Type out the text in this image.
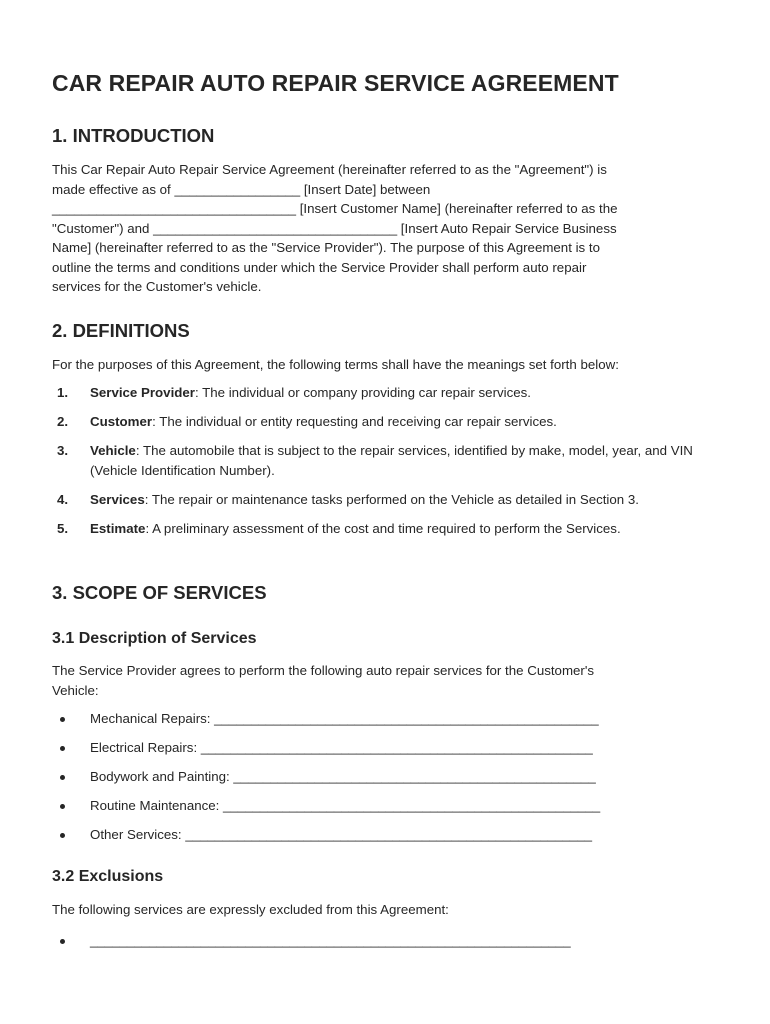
CAR REPAIR AUTO REPAIR SERVICE AGREEMENT
1. INTRODUCTION

This Car Repair Auto Repair Service Agreement (hereinafter referred to as the "Agreement") is
made effective as of _________________ [Insert Date] between
_________________________________ [Insert Customer Name] (hereinafter referred to as the
"Customer") and _________________________________ [Insert Auto Repair Service Business
Name] (hereinafter referred to as the "Service Provider"). The purpose of this Agreement is to
outline the terms and conditions under which the Service Provider shall perform auto repair
services for the Customer's vehicle.

2. DEFINITIONS

For the purposes of this Agreement, the following terms shall have the meanings set forth below:

1. Service Provider: The individual or company providing car repair services.
2. Customer: The individual or entity requesting and receiving car repair services.
3. Vehicle: The automobile that is subject to the repair services, identified by make, model, year, and VIN (Vehicle Identification Number).
4. Services: The repair or maintenance tasks performed on the Vehicle as detailed in Section 3.
5. Estimate: A preliminary assessment of the cost and time required to perform the Services.
3. SCOPE OF SERVICES
3.1 Description of Services

The Service Provider agrees to perform the following auto repair services for the Customer's
Vehicle:

Mechanical Repairs: ____________________________________________________
Electrical Repairs: _____________________________________________________
Bodywork and Painting: _________________________________________________
Routine Maintenance: ___________________________________________________
Other Services: _______________________________________________________
3.2 Exclusions

The following services are expressly excluded from this Agreement:

_________________________________________________________________
